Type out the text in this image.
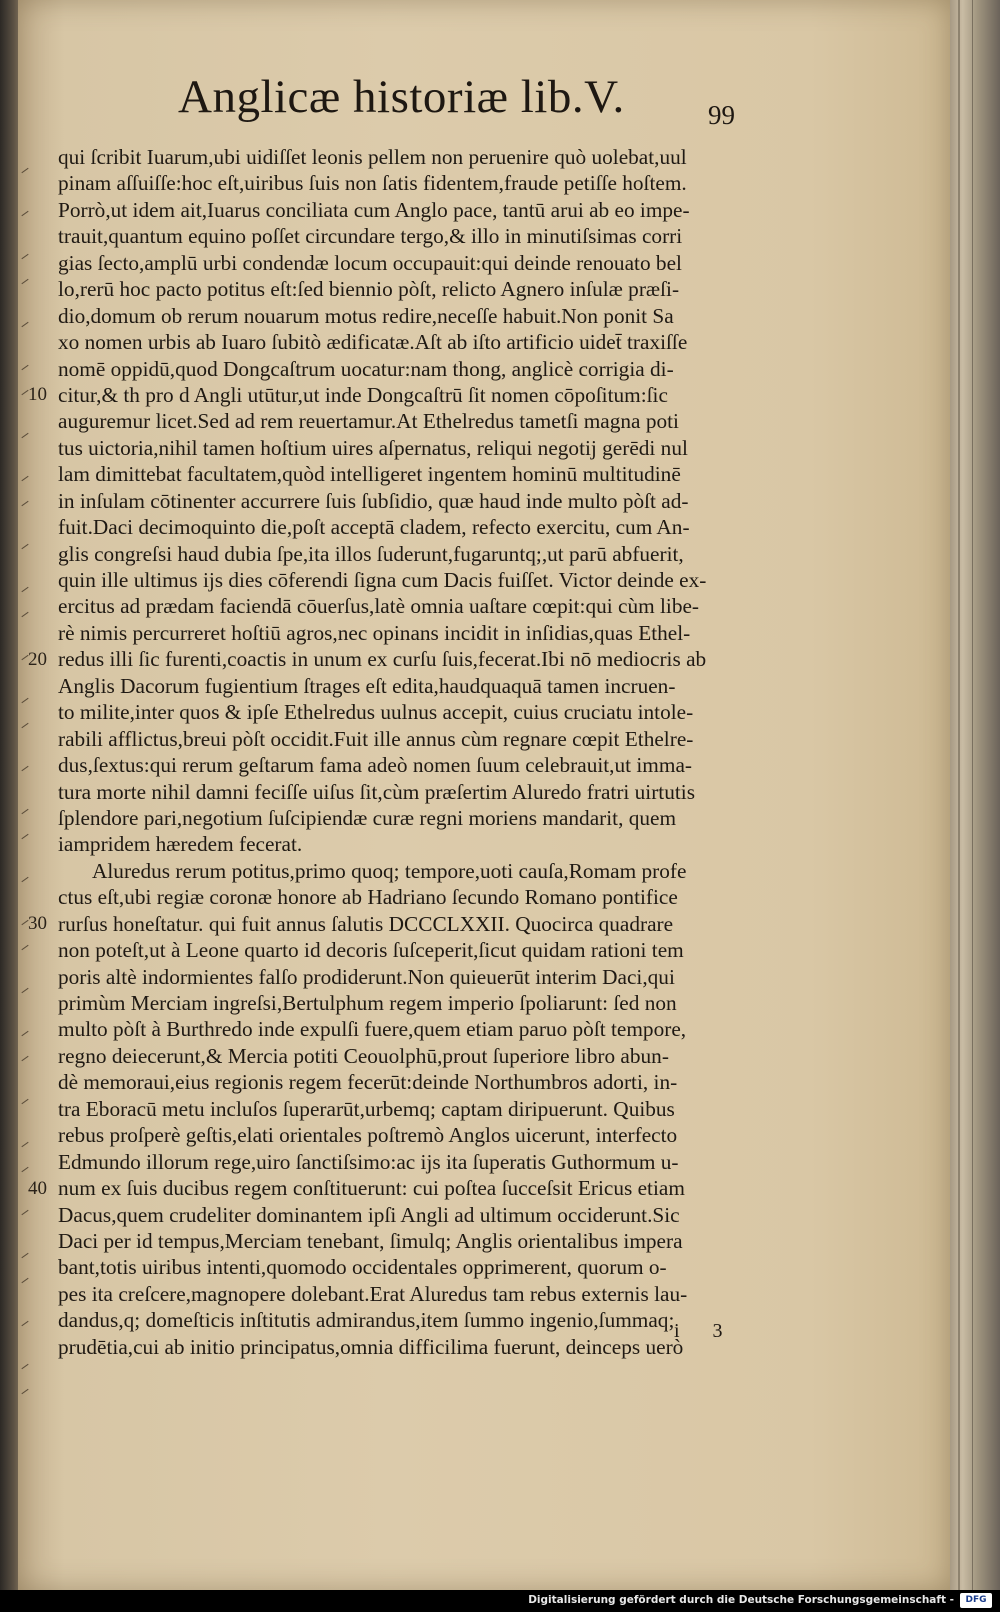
Anglicæ historiæ lib.V.	99
qui ſcribit Iuarum,ubi uidiſſet leonis pellem non peruenire quò uolebat,uul
pinam aſſuiſſe:hoc eſt,uiribus ſuis non ſatis fidentem,fraude petiſſe hoſtem.
Porrò,ut idem ait,Iuarus conciliata cum Anglo pace, tantū arui ab eo impe-
trauit,quantum equino poſſet circundare tergo,& illo in minutiſsimas corri
gias ſecto,amplū urbi condendæ locum occupauit:qui deinde renouato bel
lo,rerū hoc pacto potitus eſt:ſed biennio pòſt, relicto Agnero inſulæ præſi-
dio,domum ob rerum nouarum motus redire,neceſſe habuit.Non ponit Sa
xo nomen urbis ab Iuaro ſubitò ædificatæ.Aſt ab iſto artificio uidet̄ traxiſſe
nomē oppidū,quod Dongcaſtrum uocatur:nam thong, anglicè corrigia di-
citur,& th pro d Angli utūtur,ut inde Dongcaſtrū ſit nomen cōpoſitum:ſic
auguremur licet.Sed ad rem reuertamur.At Ethelredus tametſi magna poti
tus uictoria,nihil tamen hoſtium uires aſpernatus, reliqui negotij gerēdi nul
lam dimittebat facultatem,quòd intelligeret ingentem hominū multitudinē
in inſulam cōtinenter accurrere ſuis ſubſidio, quæ haud inde multo pòſt ad-
fuit.Daci decimoquinto die,poſt acceptā cladem, refecto exercitu, cum An-
glis congreſsi haud dubia ſpe,ita illos ſuderunt,fugaruntq;,ut parū abfuerit,
quin ille ultimus ijs dies cōferendi ſigna cum Dacis fuiſſet. Victor deinde ex-
ercitus ad prædam faciendā cōuerſus,latè omnia uaſtare cœpit:qui cùm libe-
rè nimis percurreret hoſtiū agros,nec opinans incidit in inſidias,quas Ethel-
redus illi ſic furenti,coactis in unum ex curſu ſuis,fecerat.Ibi nō mediocris ab
Anglis Dacorum fugientium ſtrages eſt edita,haudquaquā tamen incruen-
to milite,inter quos & ipſe Ethelredus uulnus accepit, cuius cruciatu intole-
rabili afflictus,breui pòſt occidit.Fuit ille annus cùm regnare cœpit Ethelre-
dus,ſextus:qui rerum geſtarum fama adeò nomen ſuum celebrauit,ut imma-
tura morte nihil damni feciſſe uiſus ſit,cùm præſertim Aluredo fratri uirtutis
ſplendore pari,negotium ſuſcipiendæ curæ regni moriens mandarit, quem
iampridem hæredem fecerat.
Aluredus rerum potitus,primo quoq; tempore,uoti cauſa,Romam profe
ctus eſt,ubi regiæ coronæ honore ab Hadriano ſecundo Romano pontifice
rurſus honeſtatur. qui fuit annus ſalutis DCCCLXXII. Quocirca quadrare
non poteſt,ut à Leone quarto id decoris ſuſceperit,ſicut quidam rationi tem
poris altè indormientes falſo prodiderunt.Non quieuerūt interim Daci,qui
primùm Merciam ingreſsi,Bertulphum regem imperio ſpoliarunt: ſed non
multo pòſt à Burthredo inde expulſi fuere,quem etiam paruo pòſt tempore,
regno deiecerunt,& Mercia potiti Ceouolphū,prout ſuperiore libro abun-
dè memoraui,eius regionis regem fecerūt:deinde Northumbros adorti, in-
tra Eboracū metu incluſos ſuperarūt,urbemq; captam diripuerunt. Quibus
rebus proſperè geſtis,elati orientales poſtremò Anglos uicerunt, interfecto
Edmundo illorum rege,uiro ſanctiſsimo:ac ijs ita ſuperatis Guthormum u-
num ex ſuis ducibus regem conſtituerunt: cui poſtea ſucceſsit Ericus etiam
Dacus,quem crudeliter dominantem ipſi Angli ad ultimum occiderunt.Sic
Daci per id tempus,Merciam tenebant, ſimulq; Anglis orientalibus impera
bant,totis uiribus intenti,quomodo occidentales opprimerent, quorum o-
pes ita creſcere,magnopere dolebant.Erat Aluredus tam rebus externis lau-
dandus,q; domeſticis inſtitutis admirandus,item ſummo ingenio,ſummaq;
prudētia,cui ab initio principatus,omnia difficilima fuerunt, deinceps uerò
10
20
30
40
i 3
Digitalisierung gefördert durch die Deutsche Forschungsgemeinschaft -	DFG
